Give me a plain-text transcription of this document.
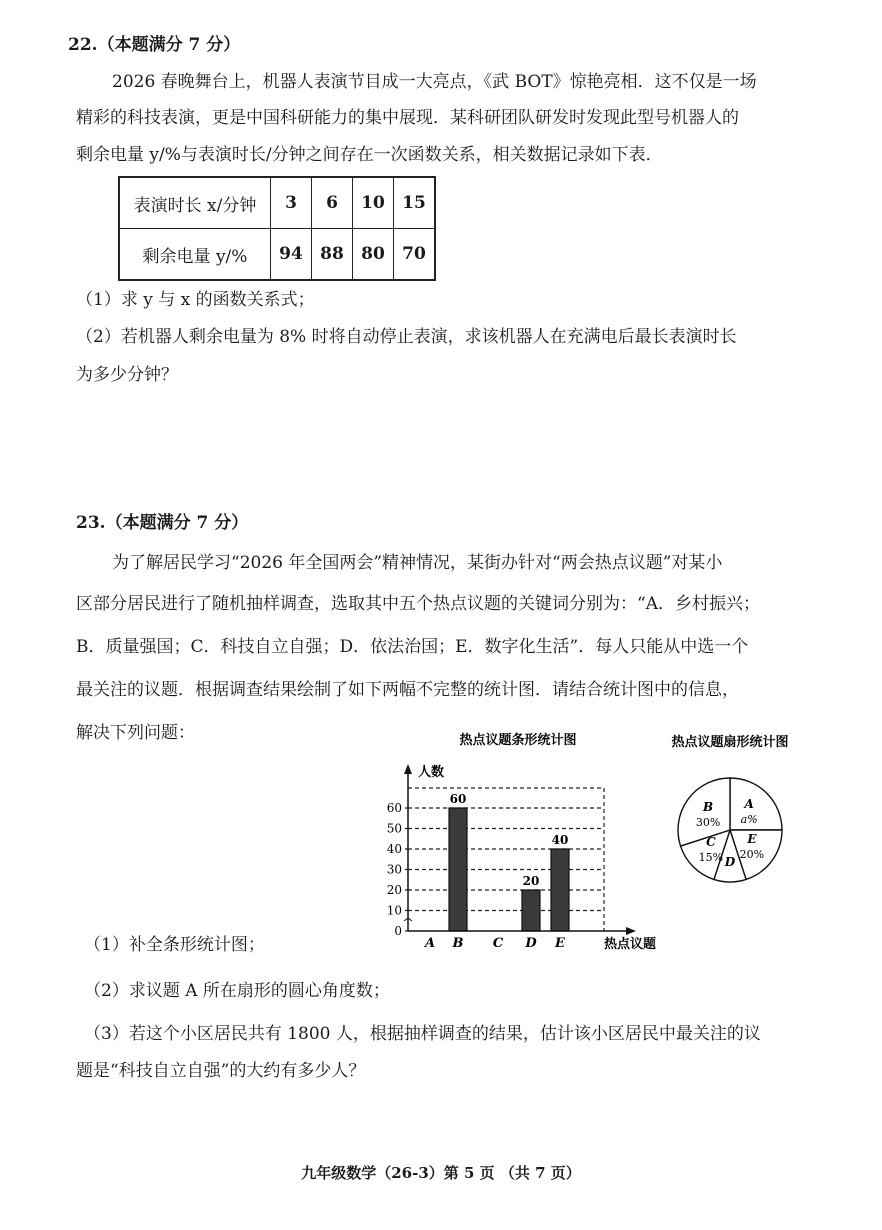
22.（本题满分 7 分）
2026 春晚舞台上，机器人表演节目成一大亮点，《武 BOT》惊艳亮相．这不仅是一场
精彩的科技表演，更是中国科研能力的集中展现．某科研团队研发时发现此型号机器人的
剩余电量 y/%与表演时长/分钟之间存在一次函数关系，相关数据记录如下表．
表演时长 x/分钟	3	6	10	15
剩余电量 y/%	94	88	80	70
（1）求 y 与 x 的函数关系式；
（2）若机器人剩余电量为 8% 时将自动停止表演，求该机器人在充满电后最长表演时长
为多少分钟？
23.（本题满分 7 分）
为了解居民学习“2026 年全国两会”精神情况，某街办针对“两会热点议题”对某小
区部分居民进行了随机抽样调查，选取其中五个热点议题的关键词分别为：“A．乡村振兴；
B．质量强国；C．科技自立自强；D．依法治国；E．数字化生活”．每人只能从中选一个
最关注的议题．根据调查结果绘制了如下两幅不完整的统计图．请结合统计图中的信息，
解决下列问题：	热点议题条形统计图
人数
热点议题
A B
60
C D
20
E
40
0
10
20
30
40
50
60
热点议题扇形统计图
A
a%
E
20%
D
C
15%
B
30%
（1）补全条形统计图；
（2）求议题 A 所在扇形的圆心角度数；
（3）若这个小区居民共有 1800 人，根据抽样调查的结果，估计该小区居民中最关注的议
题是“科技自立自强”的大约有多少人？
九年级数学（26-3）第 5 页 （共 7 页）
